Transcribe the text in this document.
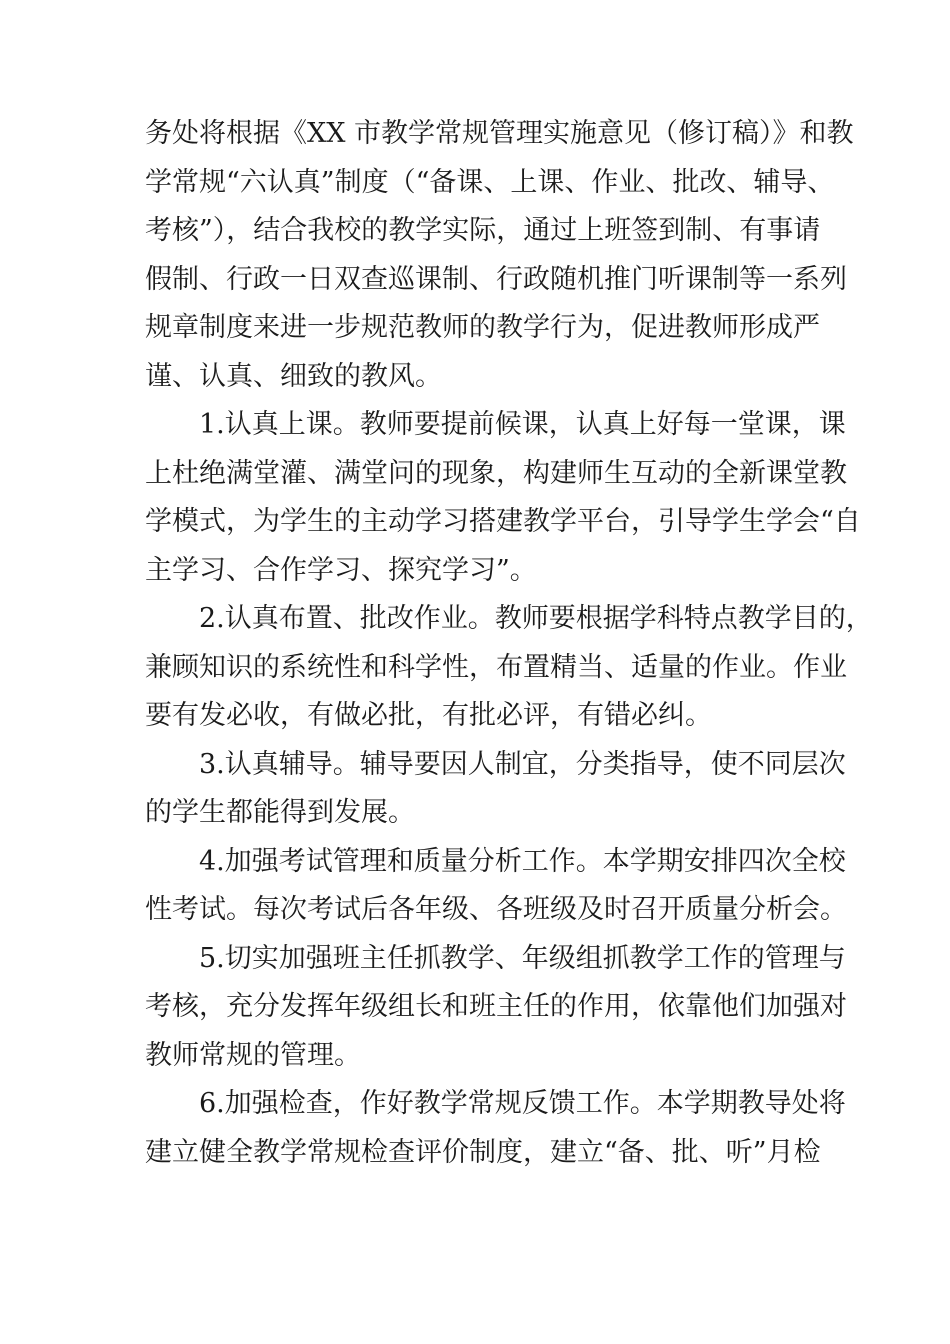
务处将根据《XX 市教学常规管理实施意见（修订稿）》和教
学常规“六认真”制度（“备课、上课、作业、批改、辅导、
考核”），结合我校的教学实际，通过上班签到制、有事请
假制、行政一日双查巡课制、行政随机推门听课制等一系列
规章制度来进一步规范教师的教学行为，促进教师形成严
谨、认真、细致的教风。
1.认真上课。教师要提前候课，认真上好每一堂课，课
上杜绝满堂灌、满堂问的现象，构建师生互动的全新课堂教
学模式，为学生的主动学习搭建教学平台，引导学生学会“自
主学习、合作学习、探究学习”。
2.认真布置、批改作业。教师要根据学科特点教学目的，
兼顾知识的系统性和科学性，布置精当、适量的作业。作业
要有发必收，有做必批，有批必评，有错必纠。
3.认真辅导。辅导要因人制宜，分类指导，使不同层次
的学生都能得到发展。
4.加强考试管理和质量分析工作。本学期安排四次全校
性考试。每次考试后各年级、各班级及时召开质量分析会。
5.切实加强班主任抓教学、年级组抓教学工作的管理与
考核，充分发挥年级组长和班主任的作用，依靠他们加强对
教师常规的管理。
6.加强检查，作好教学常规反馈工作。本学期教导处将
建立健全教学常规检查评价制度，建立“备、批、听”月检
